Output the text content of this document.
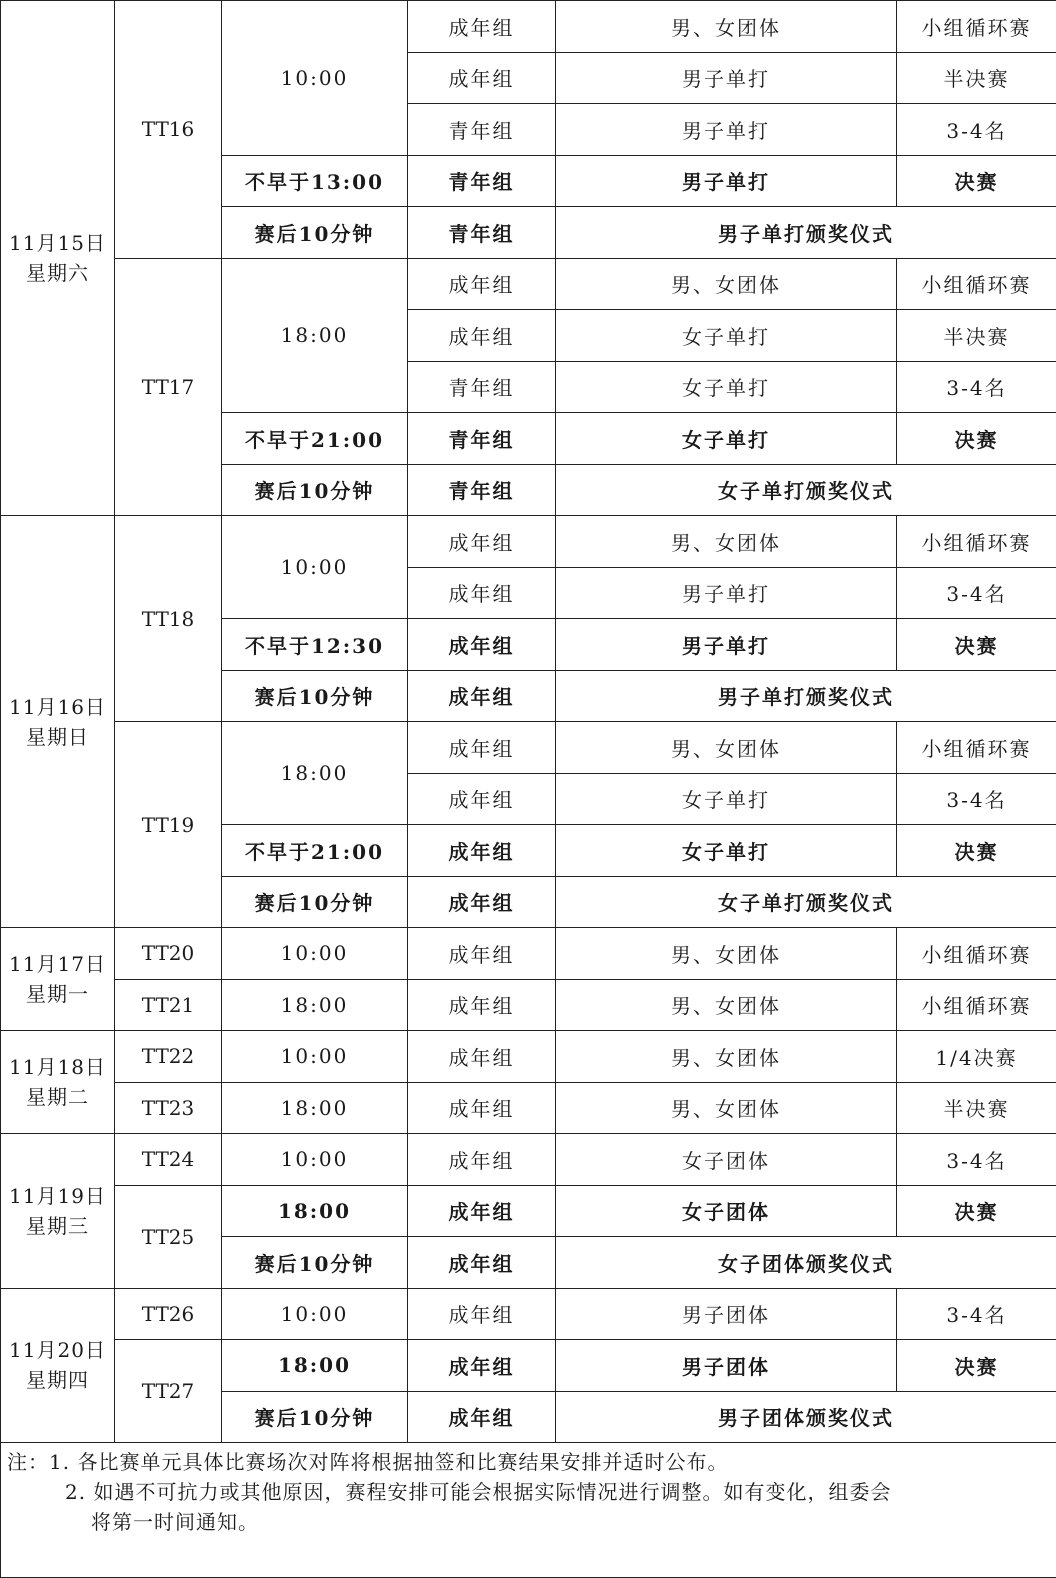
11月15日
星期六	TT16	10:00	成年组	男、女团体	小组循环赛
			成年组	男子单打	半决赛
			青年组	男子单打	3-4名
		不早于13:00	青年组	男子单打	决赛
		赛后10分钟	青年组	男子单打颁奖仪式	
	TT17	18:00	成年组	男、女团体	小组循环赛
			成年组	女子单打	半决赛
			青年组	女子单打	3-4名
		不早于21:00	青年组	女子单打	决赛
		赛后10分钟	青年组	女子单打颁奖仪式	

11月16日
星期日	TT18	10:00	成年组	男、女团体	小组循环赛
			成年组	男子单打	3-4名
		不早于12:30	成年组	男子单打	决赛
		赛后10分钟	成年组	男子单打颁奖仪式	
	TT19	18:00	成年组	男、女团体	小组循环赛
			成年组	女子单打	3-4名
		不早于21:00	成年组	女子单打	决赛
		赛后10分钟	成年组	女子单打颁奖仪式	

11月17日
星期一	TT20	10:00	成年组	男、女团体	小组循环赛
	TT21	18:00	成年组	男、女团体	小组循环赛

11月18日
星期二	TT22	10:00	成年组	男、女团体	1/4决赛
	TT23	18:00	成年组	男、女团体	半决赛

11月19日
星期三	TT24	10:00	成年组	女子团体	3-4名
	TT25	18:00	成年组	女子团体	决赛
		赛后10分钟	成年组	女子团体颁奖仪式	

11月20日
星期四	TT26	10:00	成年组	男子团体	3-4名
	TT27	18:00	成年组	男子团体	决赛
		赛后10分钟	成年组	男子团体颁奖仪式	

注：1. 各比赛单元具体比赛场次对阵将根据抽签和比赛结果安排并适时公布。
2. 如遇不可抗力或其他原因，赛程安排可能会根据实际情况进行调整。如有变化，组委会
将第一时间通知。					
